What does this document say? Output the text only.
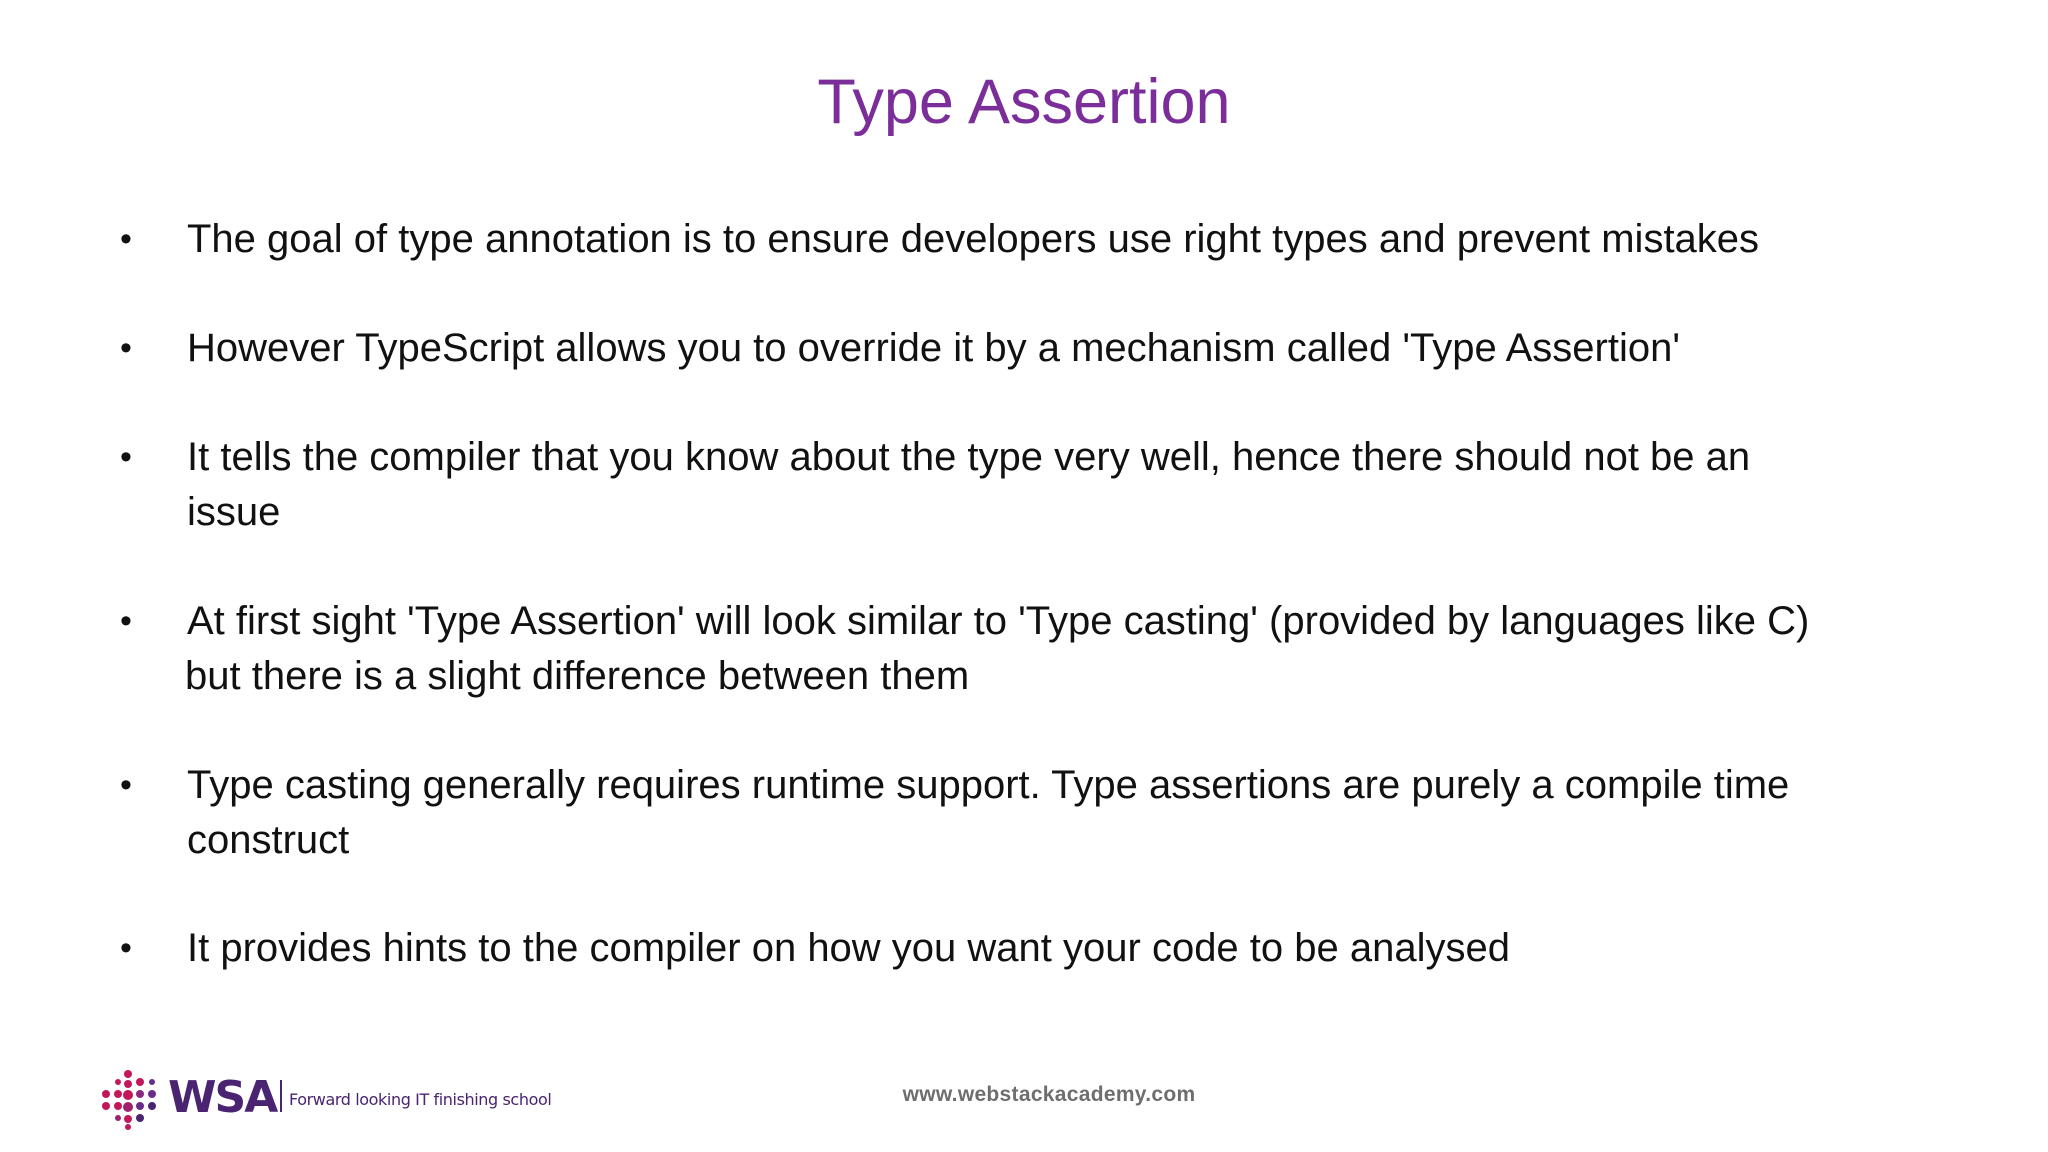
Type Assertion
•	The goal of type annotation is to ensure developers use right types and prevent mistakes
•	However TypeScript allows you to override it by a mechanism called 'Type Assertion'
•	It tells the compiler that you know about the type very well, hence there should not be an
issue
•	At first sight 'Type Assertion' will look similar to 'Type casting' (provided by languages like C)
but there is a slight difference between them
•	Type casting generally requires runtime support. Type assertions are purely a compile time
construct
•	It provides hints to the compiler on how you want your code to be analysed
WSA Forward looking IT finishing school	www.webstackacademy.com
